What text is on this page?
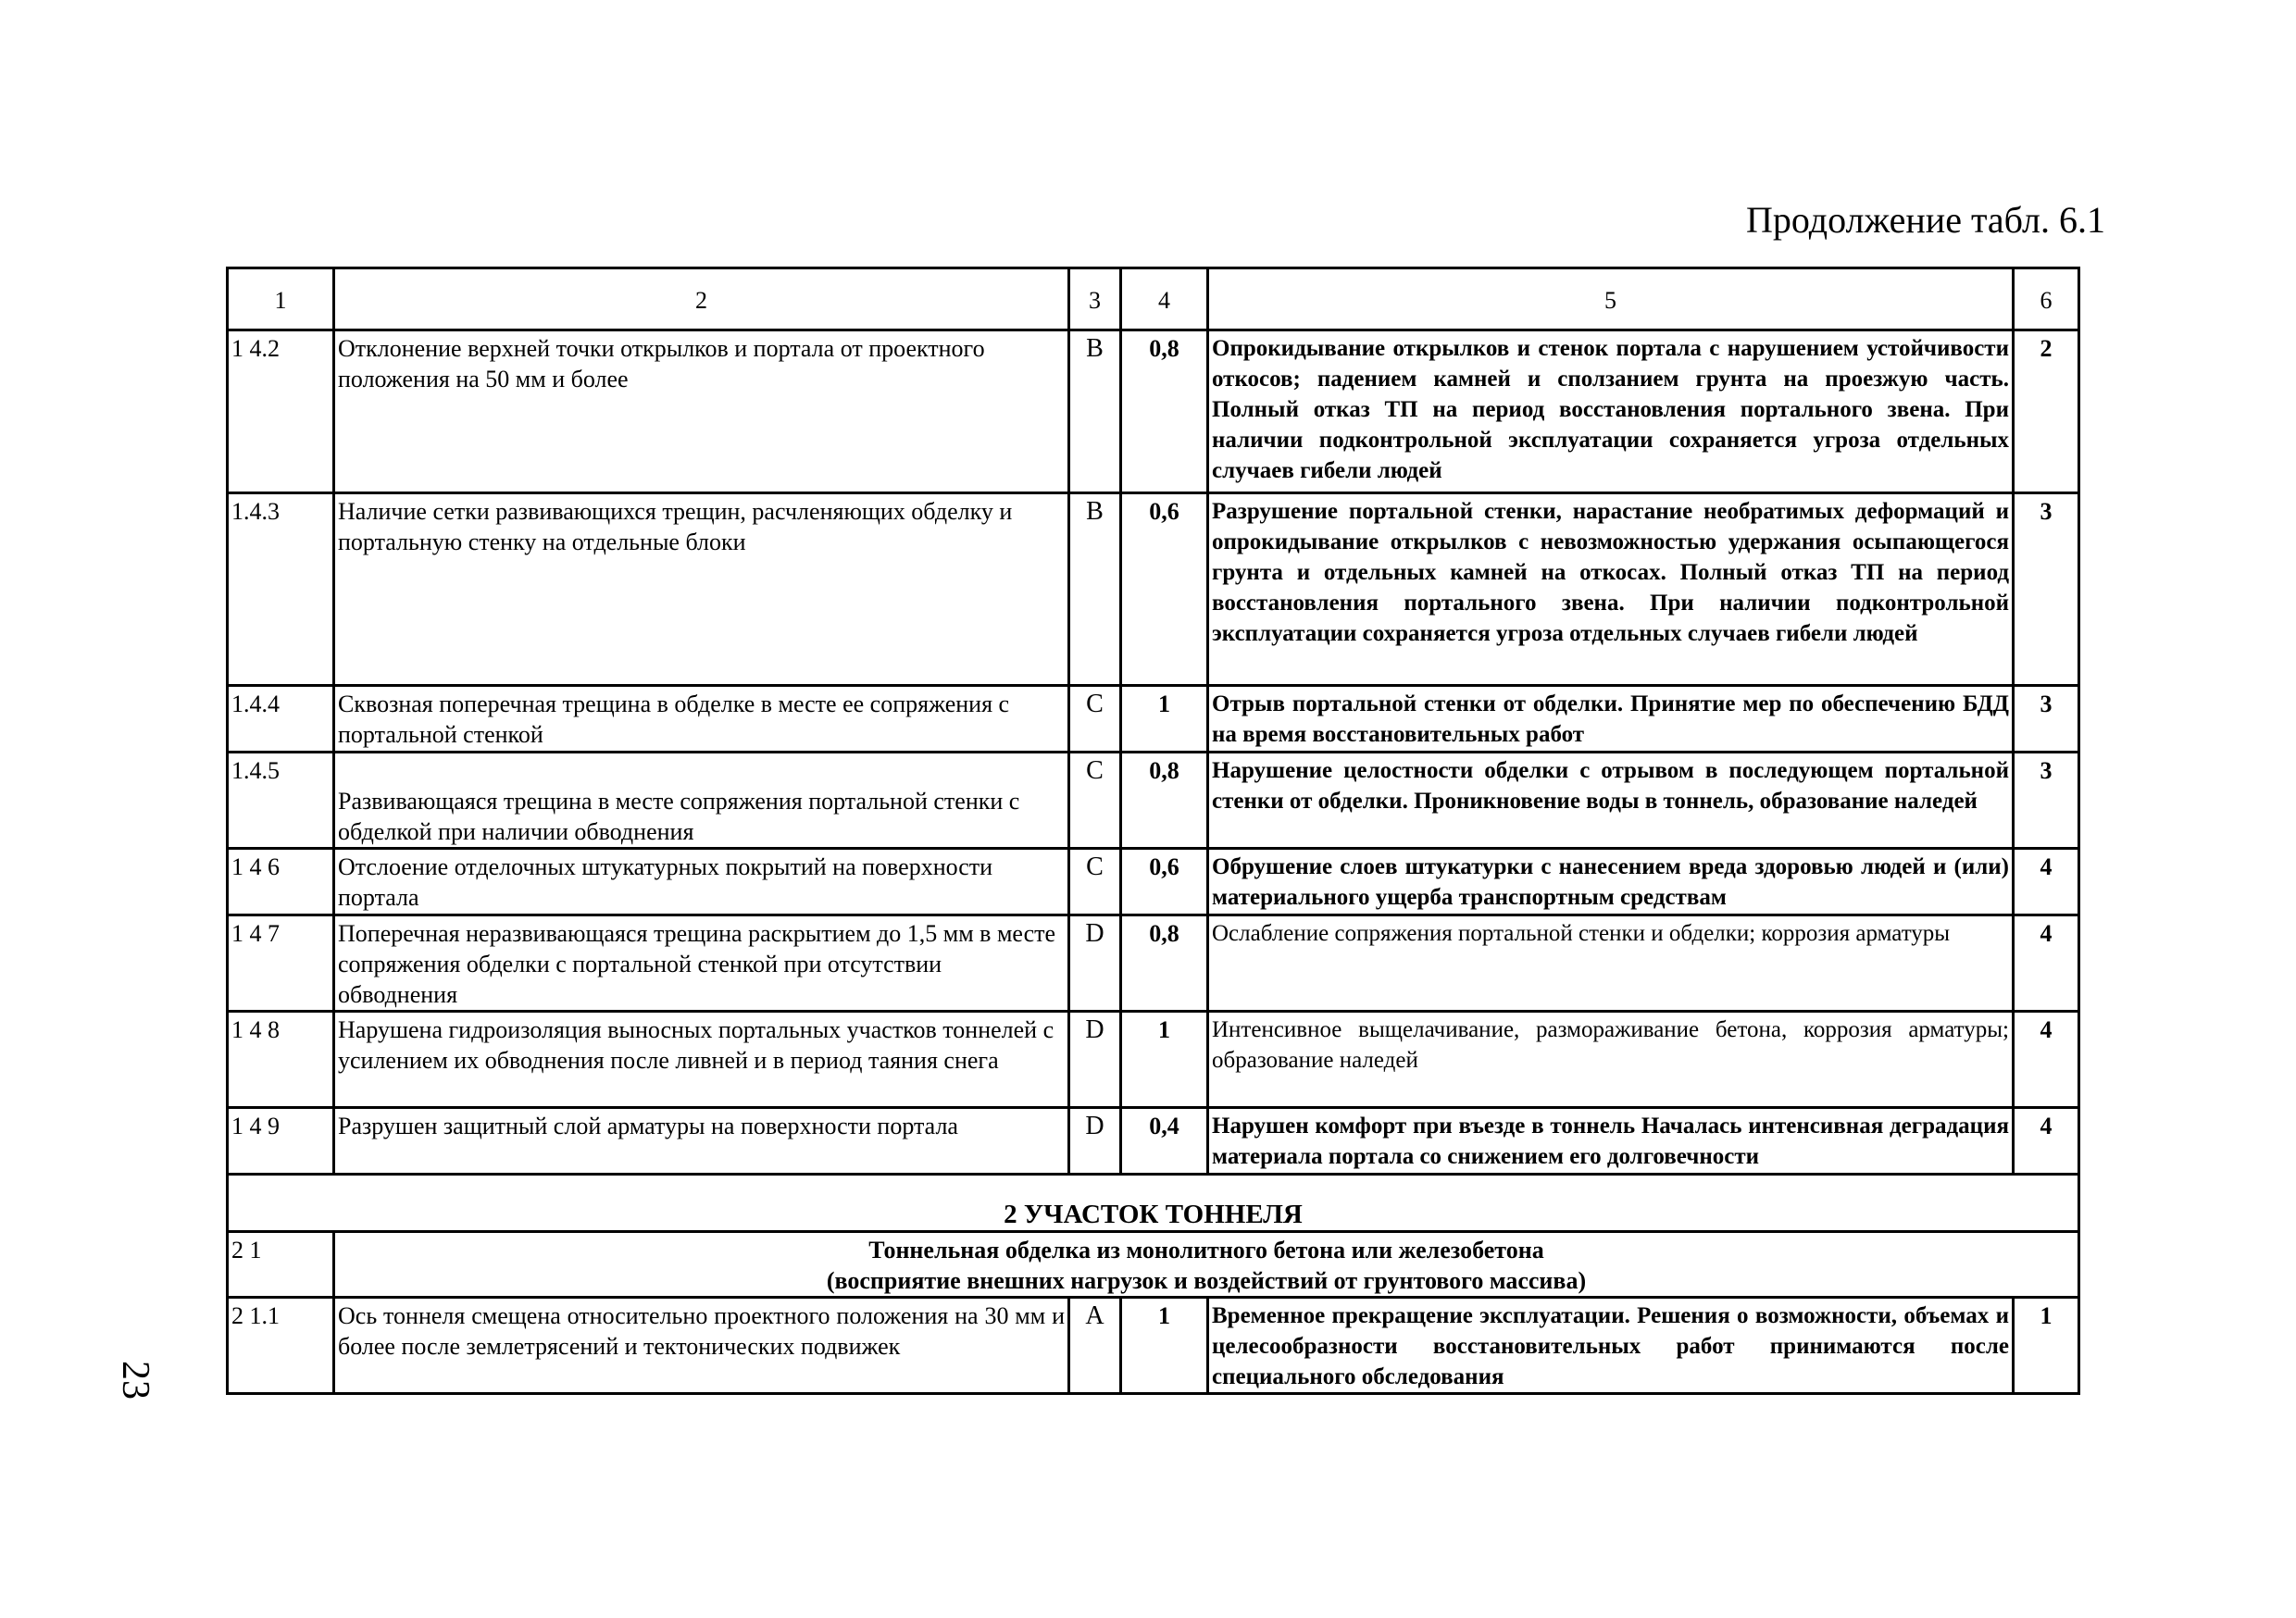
Продолжение табл. 6.1
23
1	2	3	4	5	6
1 4.2	Отклонение верхней точки открылков и портала от проектного положения на 50 мм и более	В	0,8	Опрокидывание открылков и стенок портала с нарушением устойчивости откосов; падением камней и сползанием грунта на проезжую часть. Полный отказ ТП на период восстановления портального звена. При наличии подконтрольной эксплуатации сохраняется угроза отдельных случаев гибели людей	2
1.4.3	Наличие сетки развивающихся трещин, расчленяющих обделку и портальную стенку на отдельные блоки	В	0,6	Разрушение портальной стенки, нарастание необратимых деформаций и опрокидывание открылков с невозможностью удержания осыпающегося грунта и отдельных камней на откосах. Полный отказ ТП на период восстановления портального звена. При наличии подконтрольной эксплуатации сохраняется угроза отдельных случаев гибели людей	3
1.4.4	Сквозная поперечная трещина в обделке в месте ее сопряжения с портальной стенкой	С	1	Отрыв портальной стенки от обделки. Принятие мер по обеспечению БДД на время восстановительных работ	3
1.4.5	Развивающаяся трещина в месте сопряжения портальной стенки с обделкой при наличии обводнения	С	0,8	Нарушение целостности обделки с отрывом в последующем портальной стенки от обделки. Проникновение воды в тоннель, образование наледей	3
1 4 6	Отслоение отделочных штукатурных покрытий на поверхности портала	С	0,6	Обрушение слоев штукатурки с нанесением вреда здоровью людей и (или) материального ущерба транспортным средствам	4
1 4 7	Поперечная неразвивающаяся трещина раскрытием до 1,5 мм в месте сопряжения обделки с портальной стенкой при отсутствии обводнения	D	0,8	Ослабление сопряжения портальной стенки и обделки; коррозия арматуры	4
1 4 8	Нарушена гидроизоляция выносных портальных участков тоннелей с усилением их обводнения после ливней и в период таяния снега	D	1	Интенсивное выщелачивание, размораживание бетона, коррозия арматуры; образование наледей	4
1 4 9	Разрушен защитный слой арматуры на поверхности портала	D	0,4	Нарушен комфорт при въезде в тоннель Началась интенсивная деградация материала портала со снижением его долговечности	4
2 УЧАСТОК ТОННЕЛЯ					
2 1	Тоннельная обделка из монолитного бетона или железобетона
(восприятие внешних нагрузок и воздействий от грунтового массива)				

2 1.1	Ось тоннеля смещена относительно проектного положения на 30 мм и более после землетрясений и тектонических подвижек	А	1	Временное прекращение эксплуатации. Решения о возможности, объемах и целесообразности восстановительных работ принимаются после специального обследования	1
